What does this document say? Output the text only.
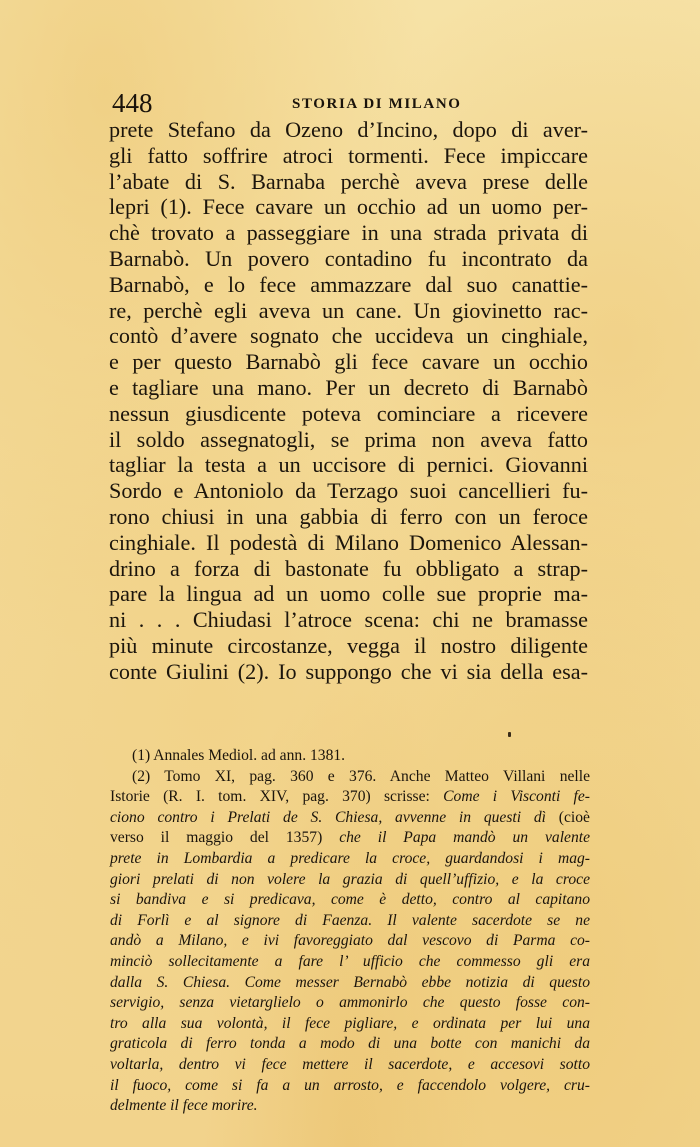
448	STORIA DI MILANO
prete Stefano da Ozeno d’Incino, dopo di aver-
gli fatto soffrire atroci tormenti. Fece impiccare
l’abate di S. Barnaba perchè aveva prese delle
lepri (1). Fece cavare un occhio ad un uomo per-
chè trovato a passeggiare in una strada privata di
Barnabò. Un povero contadino fu incontrato da
Barnabò, e lo fece ammazzare dal suo canattie-
re, perchè egli aveva un cane. Un giovinetto rac-
contò d’avere sognato che uccideva un cinghiale,
e per questo Barnabò gli fece cavare un occhio
e tagliare una mano. Per un decreto di Barnabò
nessun giusdicente poteva cominciare a ricevere
il soldo assegnatogli, se prima non aveva fatto
tagliar la testa a un uccisore di pernici. Giovanni
Sordo e Antoniolo da Terzago suoi cancellieri fu-
rono chiusi in una gabbia di ferro con un feroce
cinghiale. Il podestà di Milano Domenico Alessan-
drino a forza di bastonate fu obbligato a strap-
pare la lingua ad un uomo colle sue proprie ma-
ni . . . Chiudasi l’atroce scena: chi ne bramasse
più minute circostanze, vegga il nostro diligente
conte Giulini (2). Io suppongo che vi sia della esa-
(1) Annales Mediol. ad ann. 1381.
(2) Tomo XI, pag. 360 e 376. Anche Matteo Villani nelle
Istorie (R. I. tom. XIV, pag. 370) scrisse: Come i Visconti fe-
ciono contro i Prelati de S. Chiesa, avvenne in questi dì (cioè
verso il maggio del 1357) che il Papa mandò un valente
prete in Lombardia a predicare la croce, guardandosi i mag-
giori prelati di non volere la grazia di quell’uffizio, e la croce
si bandiva e si predicava, come è detto, contro al capitano
di Forlì e al signore di Faenza. Il valente sacerdote se ne
andò a Milano, e ivi favoreggiato dal vescovo di Parma co-
minciò sollecitamente a fare l’ ufficio che commesso gli era
dalla S. Chiesa. Come messer Bernabò ebbe notizia di questo
servigio, senza vietarglielo o ammonirlo che questo fosse con-
tro alla sua volontà, il fece pigliare, e ordinata per lui una
graticola di ferro tonda a modo di una botte con manichi da
voltarla, dentro vi fece mettere il sacerdote, e accesovi sotto
il fuoco, come si fa a un arrosto, e faccendolo volgere, cru-
delmente il fece morire.
